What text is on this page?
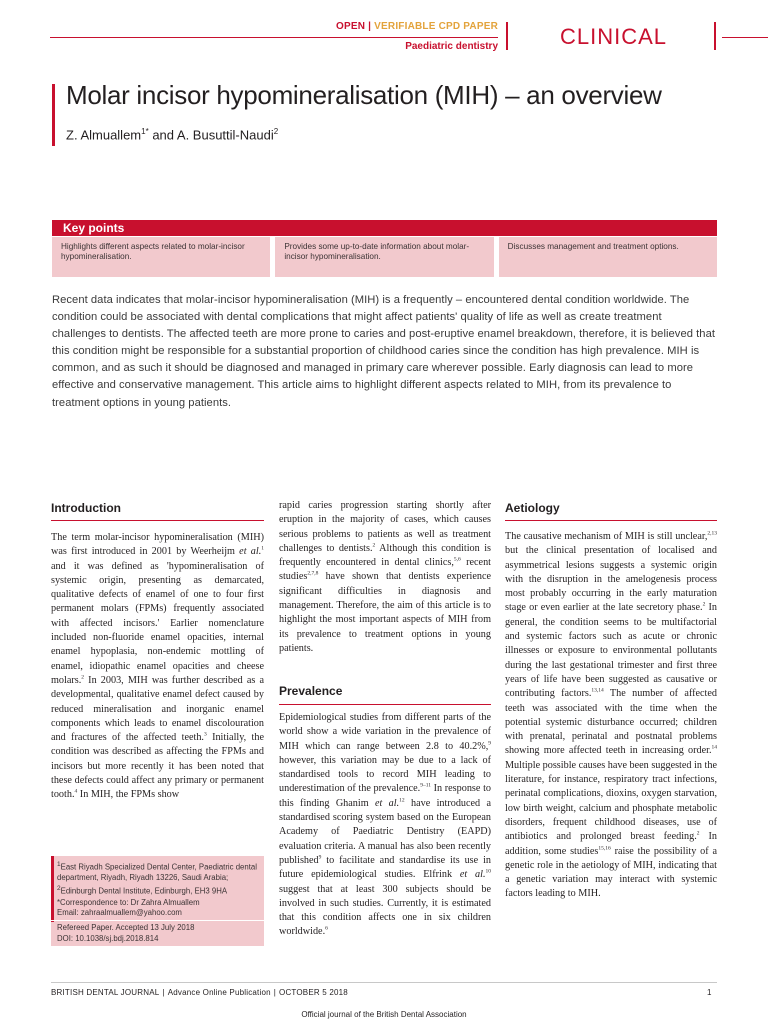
OPEN | VERIFIABLE CPD PAPER
Paediatric dentistry	CLINICAL
Molar incisor hypomineralisation (MIH) – an overview
Z. Almuallem$^{1*}$ and A. Busuttil-Naudi$^2$
Key points
Highlights different aspects related to molar-incisor hypomineralisation.
Provides some up-to-date information about molar-incisor hypomineralisation.
Discusses management and treatment options.
Recent data indicates that molar-incisor hypomineralisation (MIH) is a frequently – encountered dental condition worldwide. The condition could be associated with dental complications that might affect patients' quality of life as well as create treatment challenges to dentists. The affected teeth are more prone to caries and post-eruptive enamel breakdown, therefore, it is believed that this condition might be responsible for a substantial proportion of childhood caries since the condition has high prevalence. MIH is common, and as such it should be diagnosed and managed in primary care wherever possible. Early diagnosis can lead to more effective and conservative management. This article aims to highlight different aspects related to MIH, from its prevalence to treatment options in young patients.
Introduction
The term molar-incisor hypomineralisation (MIH) was first introduced in 2001 by Weerheijm et al.$^1$ and it was defined as 'hypomineralisation of systemic origin, presenting as demarcated, qualitative defects of enamel of one to four first permanent molars (FPMs) frequently associated with affected incisors.' Earlier nomenclature included non-fluoride enamel opacities, internal enamel hypoplasia, non-endemic mottling of enamel, idiopathic enamel opacities and cheese molars.$^2$ In 2003, MIH was further described as a developmental, qualitative enamel defect caused by reduced mineralisation and inorganic enamel components which leads to enamel discolouration and fractures of the affected teeth.$^3$ Initially, the condition was described as affecting the FPMs and incisors but more recently it has been noted that these defects could affect any primary or permanent tooth.$^4$ In MIH, the FPMs show
$^1$East Riyadh Specialized Dental Center, Paediatric dental department, Riyadh, Riyadh 13226, Saudi Arabia; $^2$Edinburgh Dental Institute, Edinburgh, EH3 9HA
*Correspondence to: Dr Zahra Almuallem
Email: zahraalmuallem@yahoo.com
Refereed Paper. Accepted 13 July 2018
DOI: 10.1038/sj.bdj.2018.814
rapid caries progression starting shortly after eruption in the majority of cases, which causes serious problems to patients as well as treatment challenges to dentists.$^2$ Although this condition is frequently encountered in dental clinics,$^{5,6}$ recent studies$^{2,7,8}$ have shown that dentists experience significant difficulties in diagnosis and management. Therefore, the aim of this article is to highlight the most important aspects of MIH from its prevalence to treatment options in young patients.
Prevalence
Epidemiological studies from different parts of the world show a wide variation in the prevalence of MIH which can range between 2.8 to 40.2%,$^9$ however, this variation may be due to a lack of standardised tools to record MIH leading to underestimation of the prevalence.$^{9-11}$ In response to this finding Ghanim et al.$^{12}$ have introduced a standardised scoring system based on the European Academy of Paediatric Dentistry (EAPD) evaluation criteria. A manual has also been recently published$^9$ to facilitate and standardise its use in future epidemiological studies. Elfrink et al.$^{10}$ suggest that at least 300 subjects should be involved in such studies. Currently, it is estimated that this condition affects one in six children worldwide.$^6$
Aetiology
The causative mechanism of MIH is still unclear,$^{2,13}$ but the clinical presentation of localised and asymmetrical lesions suggests a systemic origin with the disruption in the amelogenesis process most probably occurring in the early maturation stage or even earlier at the late secretory phase.$^2$ In general, the condition seems to be multifactorial and systemic factors such as acute or chronic illnesses or exposure to environmental pollutants during the last gestational trimester and first three years of life have been suggested as causative or contributing factors.$^{13,14}$ The number of affected teeth was associated with the time when the potential systemic disturbance occurred; children with prenatal, perinatal and postnatal problems showing more affected teeth in increasing order.$^{14}$ Multiple possible causes have been suggested in the literature, for instance, respiratory tract infections, perinatal complications, dioxins, oxygen starvation, low birth weight, calcium and phosphate metabolic disorders, frequent childhood diseases, use of antibiotics and prolonged breast feeding.$^2$ In addition, some studies$^{15,16}$ raise the possibility of a genetic role in the aetiology of MIH, indicating that a genetic variation may interact with systemic factors leading to MIH.
BRITISH DENTAL JOURNAL | Advance Online Publication | OCTOBER 5 2018	1
Official journal of the British Dental Association
